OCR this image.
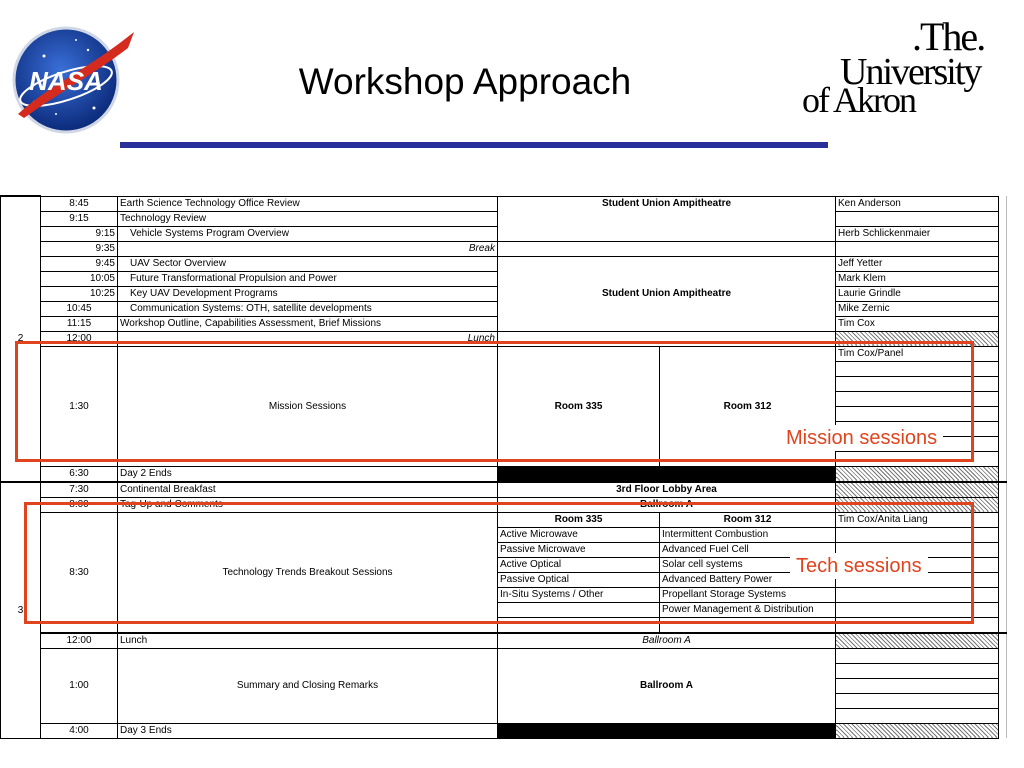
NASA	Workshop Approach
.The.
University
of Akron
2	8:45	Earth Science Technology Office Review	Student Union Ampitheatre		Ken Anderson	
	9:15	Technology Review				
	9:15	Vehicle Systems Program Overview			Herb Schlickenmaier	
	9:35	Break				
	9:45	UAV Sector Overview			Jeff Yetter	
	10:05	Future Transformational Propulsion and Power			Mark Klem	
	10:25	Key UAV Development Programs	Student Union Ampitheatre		Laurie Grindle	
	10:45	Communication Systems: OTH, satellite developments			Mike Zernic	
	11:15	Workshop Outline, Capabilities Assessment, Brief Missions			Tim Cox	
	12:00	Lunch				
	1:30	Mission Sessions	Room 335	Room 312	Tim Cox/Panel	

	6:30	Day 2 Ends				
3	7:30	Continental Breakfast	3rd Floor Lobby Area			
	8:00	Tag-Up and Comments	Ballroom A			
	8:30	Technology Trends Breakout Sessions	Room 335	Room 312	Tim Cox/Anita Liang	
			Active Microwave	Intermittent Combustion		
			Passive Microwave	Advanced Fuel Cell		
			Active Optical	Solar cell systems		
			Passive Optical	Advanced Battery Power		
			In-Situ Systems / Other	Propellant Storage Systems		
				Power Management & Distribution		

	12:00	Lunch	Ballroom A			
	1:00	Summary and Closing Remarks	Ballroom A			

	4:00	Day 3 Ends				
Mission sessions
Tech sessions
